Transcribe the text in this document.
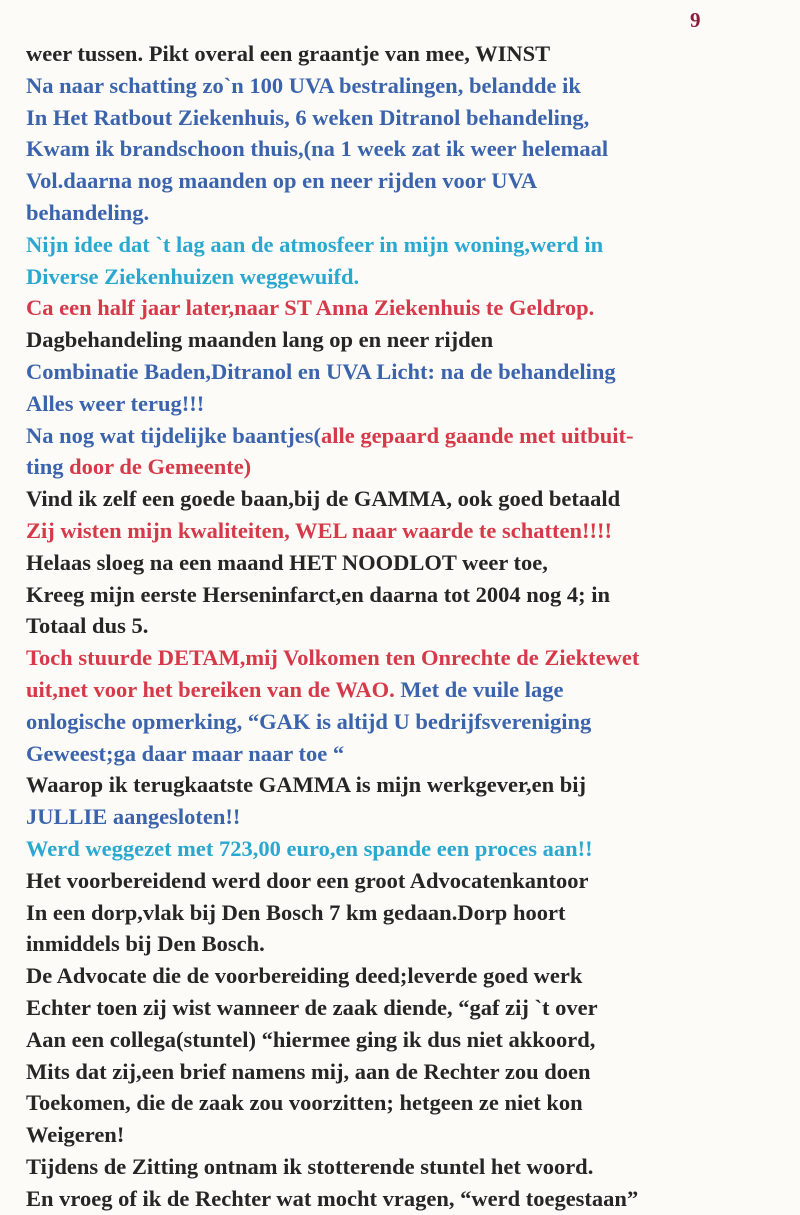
9
weer tussen. Pikt overal een graantje van mee, WINST
Na naar schatting zo`n 100 UVA bestralingen, belandde ik
In Het Ratbout Ziekenhuis, 6 weken Ditranol behandeling,
Kwam ik brandschoon thuis,(na 1 week zat ik weer helemaal
Vol.daarna nog maanden op en neer rijden voor UVA
behandeling.
Nijn idee dat `t lag aan de atmosfeer in mijn woning,werd in
Diverse Ziekenhuizen weggewuifd.
Ca een half jaar later,naar ST Anna Ziekenhuis te Geldrop.
Dagbehandeling maanden lang op en neer rijden
Combinatie Baden,Ditranol en UVA Licht: na de behandeling
Alles weer terug!!!
Na nog wat tijdelijke baantjes(alle gepaard gaande met uitbuit-
ting door de Gemeente)
Vind ik zelf een goede baan,bij de GAMMA, ook goed betaald
Zij wisten mijn kwaliteiten, WEL naar waarde te schatten!!!!
Helaas sloeg na een maand HET NOODLOT weer toe,
Kreeg mijn eerste Herseninfarct,en daarna tot 2004 nog 4; in
Totaal dus 5.
Toch stuurde DETAM,mij Volkomen ten Onrechte de Ziektewet
uit,net voor het bereiken van de WAO. Met de vuile lage
onlogische opmerking, “GAK is altijd U bedrijfsvereniging
Geweest;ga daar maar naar toe “
Waarop ik terugkaatste GAMMA is mijn werkgever,en bij
JULLIE aangesloten!!
Werd weggezet met 723,00 euro,en spande een proces aan!!
Het voorbereidend werd door een groot Advocatenkantoor
In een dorp,vlak bij Den Bosch 7 km gedaan.Dorp hoort
inmiddels bij Den Bosch.
De Advocate die de voorbereiding deed;leverde goed werk
Echter toen zij wist wanneer de zaak diende, “gaf zij `t over
Aan een collega(stuntel) “hiermee ging ik dus niet akkoord,
Mits dat zij,een brief namens mij, aan de Rechter zou doen
Toekomen, die de zaak zou voorzitten; hetgeen ze niet kon
Weigeren!
Tijdens de Zitting ontnam ik stotterende stuntel het woord.
En vroeg of ik de Rechter wat mocht vragen, “werd toegestaan”
